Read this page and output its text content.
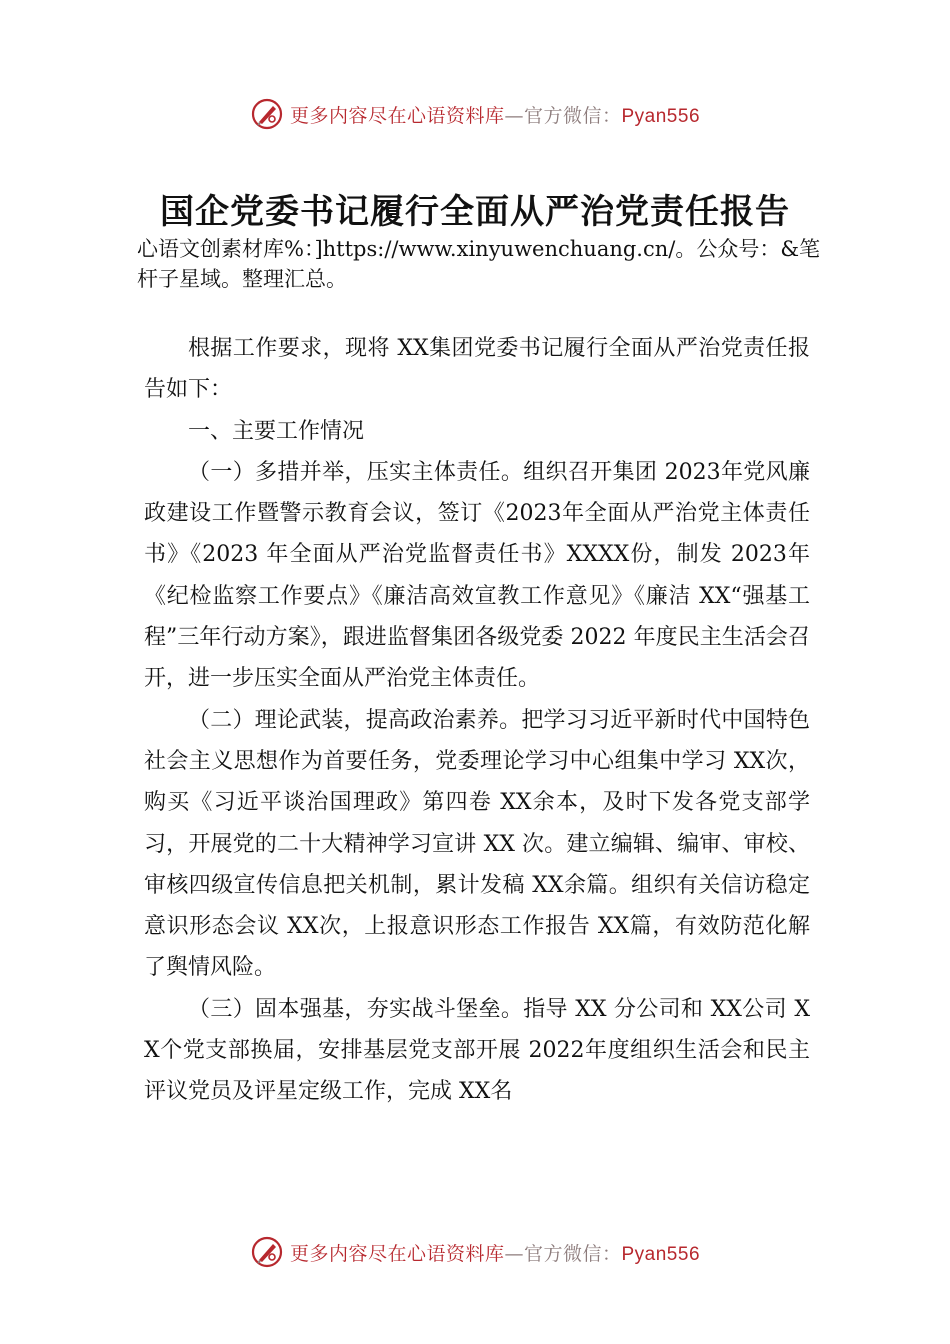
更多内容尽在心语资料库—官方微信：Pyan556
国企党委书记履行全面从严治党责任报告

心语文创素材库%：]https://www.xinyuwenchuang.cn/。公众号：&笔杆子星域。整理汇总。

根据工作要求，现将 XX集团党委书记履行全面从严治党责任报告如下：

一、主要工作情况

（一）多措并举，压实主体责任。组织召开集团 2023年党风廉政建设工作暨警示教育会议，签订《2023年全面从严治党主体责任书》《2023 年全面从严治党监督责任书》XXXX份，制发 2023年《纪检监察工作要点》《廉洁高效宣教工作意见》《廉洁 XX“强基工程”三年行动方案》，跟进监督集团各级党委 2022 年度民主生活会召开，进一步压实全面从严治党主体责任。

（二）理论武装，提高政治素养。把学习习近平新时代中国特色社会主义思想作为首要任务，党委理论学习中心组集中学习 XX次，购买《习近平谈治国理政》第四卷 XX余本，及时下发各党支部学习，开展党的二十大精神学习宣讲 XX 次。建立编辑、编审、审校、审核四级宣传信息把关机制，累计发稿 XX余篇。组织有关信访稳定意识形态会议 XX次，上报意识形态工作报告 XX篇，有效防范化解了舆情风险。

（三）固本强基，夯实战斗堡垒。指导 XX 分公司和 XX公司 XX个党支部换届，安排基层党支部开展 2022年度组织生活会和民主评议党员及评星定级工作，完成 XX名

更多内容尽在心语资料库—官方微信：Pyan556
